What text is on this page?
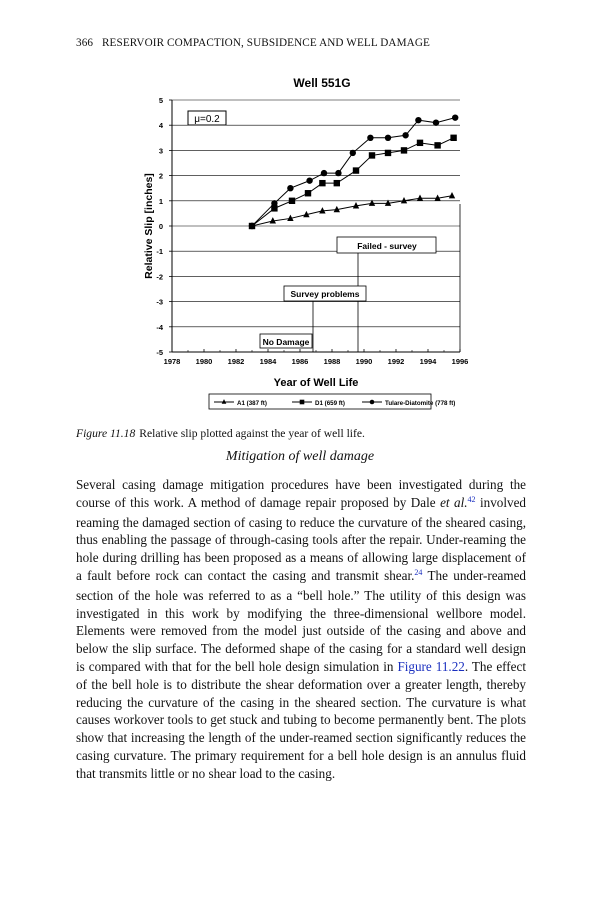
366 RESERVOIR COMPACTION, SUBSIDENCE AND WELL DAMAGE
Well 551G
5
4
3
2
1
0
-1
-2
-3
-4
-5
1978 1980 1982 1984 1986 1988 1990 1992 1994 1996
Relative Slip [inches]
Year of Well Life
μ=0.2
Failed - survey
Survey problems
No Damage
A1 (387 ft)	D1 (659 ft)	Tulare-Diatomite (778 ft)
Figure 11.18 Relative slip plotted against the year of well life.
Mitigation of well damage
Several casing damage mitigation procedures have been investigated during the course of this work. A method of damage repair proposed by Dale et al.$^{42}$ involved reaming the damaged section of casing to reduce the curvature of the sheared casing, thus enabling the passage of through-casing tools after the repair. Under-reaming the hole during drilling has been proposed as a means of allowing large displacement of a fault before rock can contact the casing and transmit shear.$^{24}$ The under-reamed section of the hole was referred to as a “bell hole.” The utility of this design was investigated in this work by modifying the three-dimensional wellbore model. Elements were removed from the model just outside of the casing and above and below the slip surface. The deformed shape of the casing for a standard well design is compared with that for the bell hole design simulation in Figure 11.22. The effect of the bell hole is to distribute the shear deformation over a greater length, thereby reducing the curvature of the casing in the sheared section. The curvature is what causes workover tools to get stuck and tubing to become permanently bent. The plots show that increasing the length of the under-reamed section significantly reduces the casing curvature. The primary requirement for a bell hole design is an annulus fluid that transmits little or no shear load to the casing.
